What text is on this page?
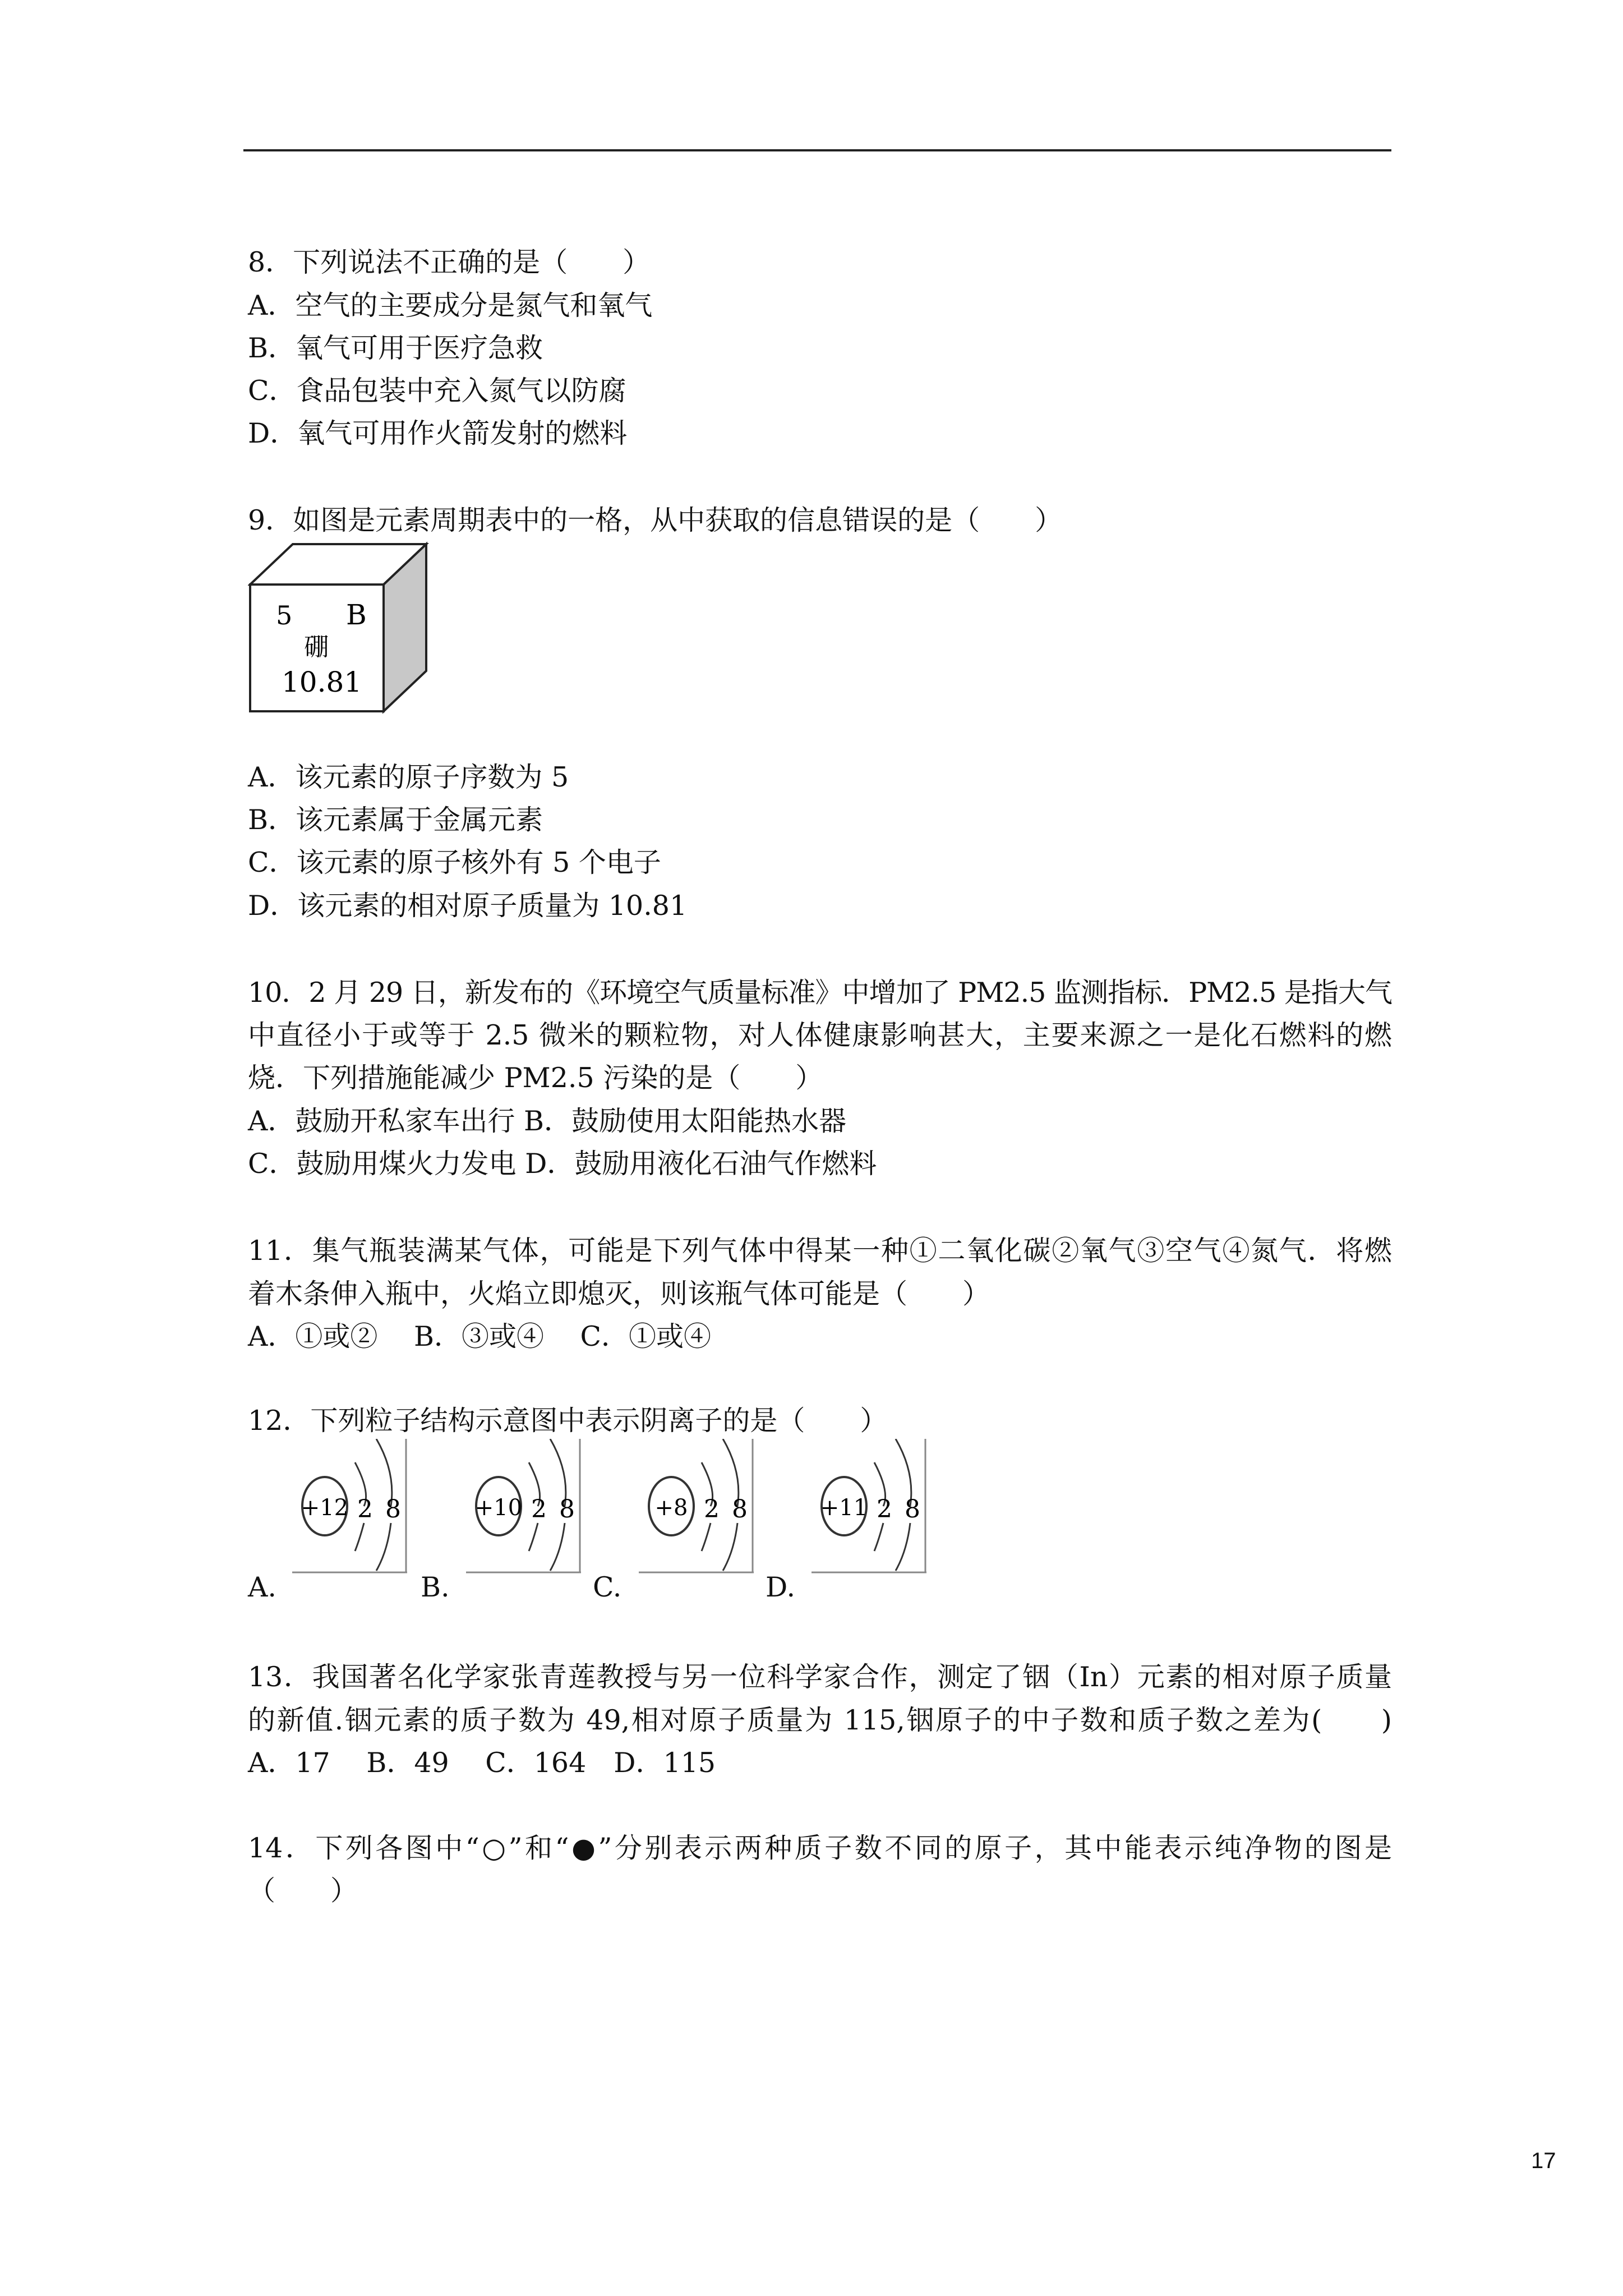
8．下列说法不正确的是（　　）
A．空气的主要成分是氮气和氧气
B．氧气可用于医疗急救
C．食品包装中充入氮气以防腐
D．氧气可用作火箭发射的燃料
9．如图是元素周期表中的一格，从中获取的信息错误的是（　　）
5 B
硼
10.81
A．该元素的原子序数为 5
B．该元素属于金属元素
C．该元素的原子核外有 5 个电子
D．该元素的相对原子质量为 10.81
10．2 月 29 日，新发布的《环境空气质量标准》中增加了 PM2.5 监测指标．PM2.5 是指大气
中直径小于或等于 2.5 微米的颗粒物，对人体健康影响甚大，主要来源之一是化石燃料的燃
烧．下列措施能减少 PM2.5 污染的是（　　）
A．鼓励开私家车出行 B．鼓励使用太阳能热水器
C．鼓励用煤火力发电 D．鼓励用液化石油气作燃料
11．集气瓶装满某气体，可能是下列气体中得某一种①二氧化碳②氧气③空气④氮气．将燃
着木条伸入瓶中，火焰立即熄灭，则该瓶气体可能是（　　）
A．①或②　 B．③或④　 C．①或④
12．下列粒子结构示意图中表示阴离子的是（　　）
A.
+12 2 8
B.
+10 2 8
C.
+8 2 8
D.
+11 2 8
13．我国著名化学家张青莲教授与另一位科学家合作，测定了铟（In）元素的相对原子质量
的新值.铟元素的质子数为 49,相对原子质量为 115,铟原子的中子数和质子数之差为(　　)
A．17　 B．49　 C．164　D．115
14．下列各图中“○”和“●”分别表示两种质子数不同的原子，其中能表示纯净物的图是
（　　）
17
